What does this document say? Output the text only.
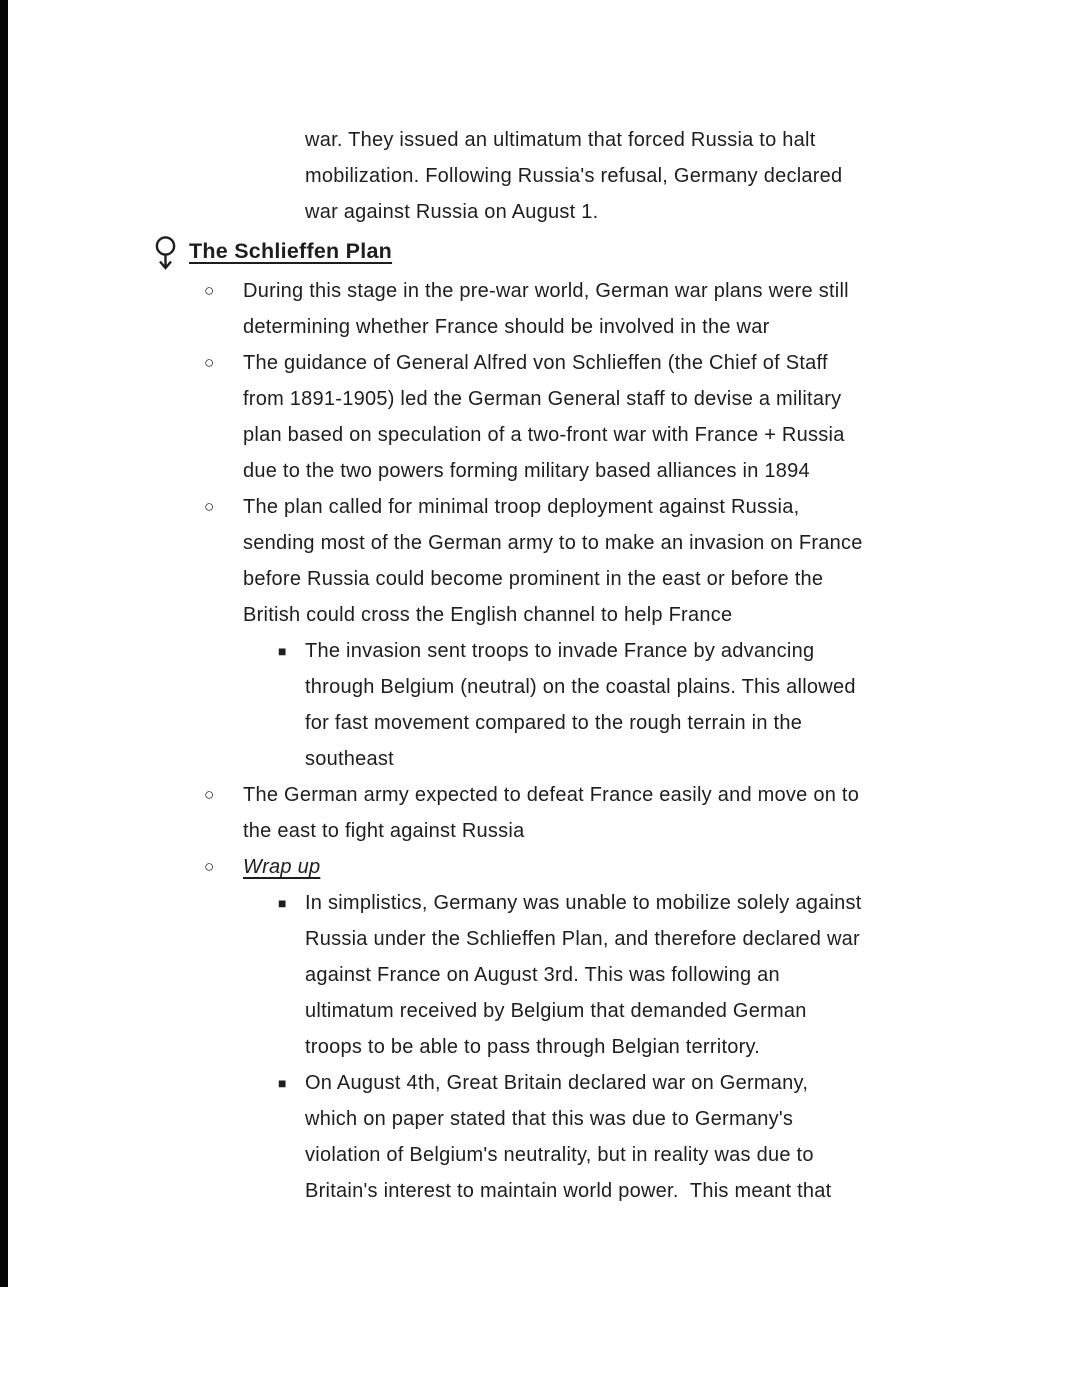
war. They issued an ultimatum that forced Russia to halt
mobilization. Following Russia's refusal, Germany declared
war against Russia on August 1.
The Schlieffen Plan
○ During this stage in the pre-war world, German war plans were still
determining whether France should be involved in the war
○ The guidance of General Alfred von Schlieffen (the Chief of Staff
from 1891-1905) led the German General staff to devise a military
plan based on speculation of a two-front war with France + Russia
due to the two powers forming military based alliances in 1894
○ The plan called for minimal troop deployment against Russia,
sending most of the German army to to make an invasion on France
before Russia could become prominent in the east or before the
British could cross the English channel to help France
■ The invasion sent troops to invade France by advancing
through Belgium (neutral) on the coastal plains. This allowed
for fast movement compared to the rough terrain in the
southeast
○ The German army expected to defeat France easily and move on to
the east to fight against Russia
○ Wrap up
■ In simplistics, Germany was unable to mobilize solely against
Russia under the Schlieffen Plan, and therefore declared war
against France on August 3rd. This was following an
ultimatum received by Belgium that demanded German
troops to be able to pass through Belgian territory.
■ On August 4th, Great Britain declared war on Germany,
which on paper stated that this was due to Germany's
violation of Belgium's neutrality, but in reality was due to
Britain's interest to maintain world power.  This meant that
